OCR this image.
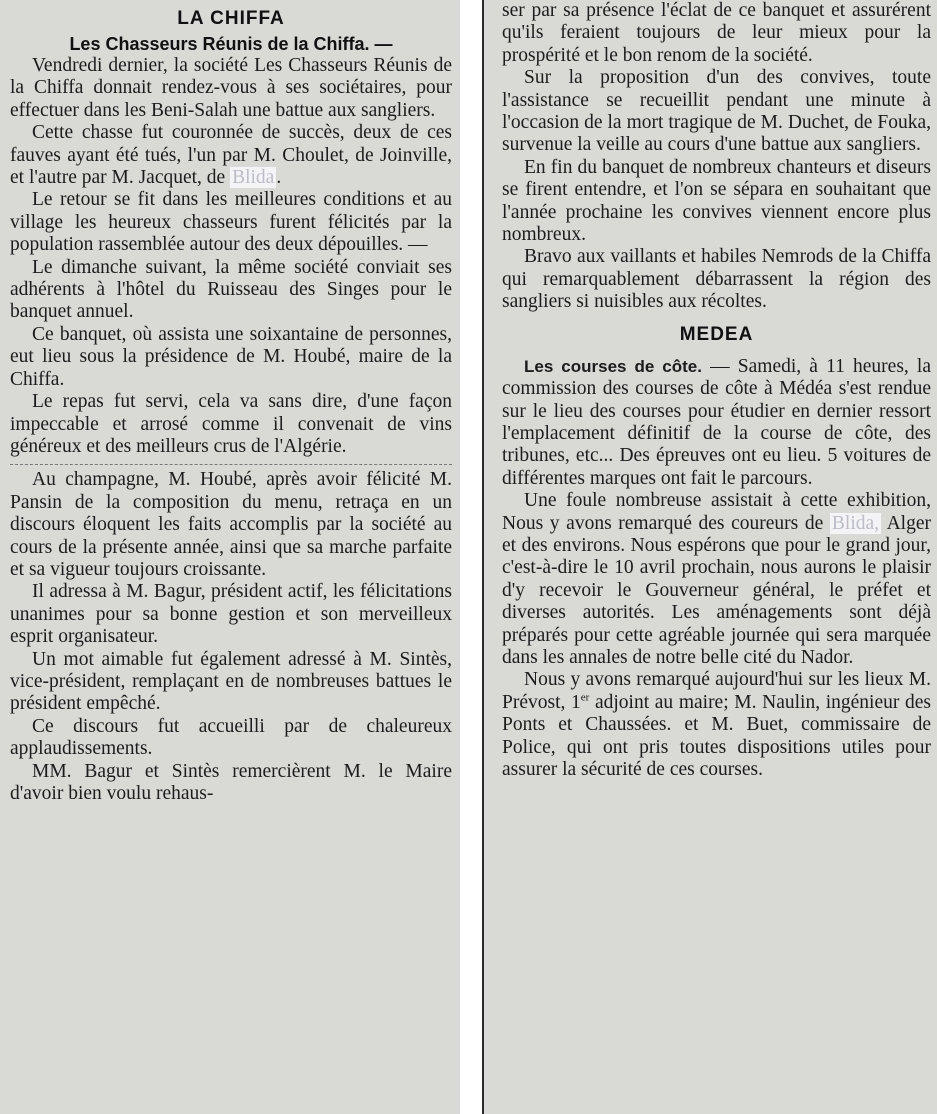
LA CHIFFA
Les Chasseurs Réunis de la Chiffa. —

Vendredi dernier, la société Les Chasseurs Réunis de la Chiffa donnait rendez-vous à ses sociétaires, pour effectuer dans les Beni-Salah une battue aux sangliers.

Cette chasse fut couronnée de succès, deux de ces fauves ayant été tués, l'un par M. Choulet, de Joinville, et l'autre par M. Jacquet, de Blida .

Le retour se fit dans les meilleures conditions et au village les heureux chasseurs furent félicités par la population rassemblée autour des deux dépouilles. —

Le dimanche suivant, la même société conviait ses adhérents à l'hôtel du Ruisseau des Singes pour le banquet annuel.

Ce banquet, où assista une soixantaine de personnes, eut lieu sous la présidence de M. Houbé, maire de la Chiffa.

Le repas fut servi, cela va sans dire, d'une façon impeccable et arrosé comme il convenait de vins généreux et des meilleurs crus de l'Algérie.

Au champagne, M. Houbé, après avoir félicité M. Pansin de la composition du menu, retraça en un discours éloquent les faits accomplis par la société au cours de la présente année, ainsi que sa marche parfaite et sa vigueur toujours croissante.

Il adressa à M. Bagur, président actif, les félicitations unanimes pour sa bonne gestion et son merveilleux esprit organisateur.

Un mot aimable fut également adressé à M. Sintès, vice-président, remplaçant en de nombreuses battues le président empêché.

Ce discours fut accueilli par de chaleureux applaudissements.

MM. Bagur et Sintès remercièrent M. le Maire d'avoir bien voulu rehaus-

ser par sa présence l'éclat de ce banquet et assurérent qu'ils feraient toujours de leur mieux pour la prospérité et le bon renom de la société.

Sur la proposition d'un des convives, toute l'assistance se recueillit pendant une minute à l'occasion de la mort tragique de M. Duchet, de Fouka, survenue la veille au cours d'une battue aux sangliers.

En fin du banquet de nombreux chanteurs et diseurs se firent entendre, et l'on se sépara en souhaitant que l'année prochaine les convives viennent encore plus nombreux.

Bravo aux vaillants et habiles Nemrods de la Chiffa qui remarquablement débarrassent la région des sangliers si nuisibles aux récoltes.

MEDEA

Les courses de côte. — Samedi, à 11 heures, la commission des courses de côte à Médéa s'est rendue sur le lieu des courses pour étudier en dernier ressort l'emplacement définitif de la course de côte, des tribunes, etc... Des épreuves ont eu lieu. 5 voitures de différentes marques ont fait le parcours.

Une foule nombreuse assistait à cette exhibition, Nous y avons remarqué des coureurs de Blida, Alger et des environs. Nous espérons que pour le grand jour, c'est-à-dire le 10 avril prochain, nous aurons le plaisir d'y recevoir le Gouverneur général, le préfet et diverses autorités. Les aménagements sont déjà préparés pour cette agréable journée qui sera marquée dans les annales de notre belle cité du Nador.

Nous y avons remarqué aujourd'hui sur les lieux M. Prévost, 1er adjoint au maire; M. Naulin, ingénieur des Ponts et Chaussées. et M. Buet, commissaire de Police, qui ont pris toutes dispositions utiles pour assurer la sécurité de ces courses.
